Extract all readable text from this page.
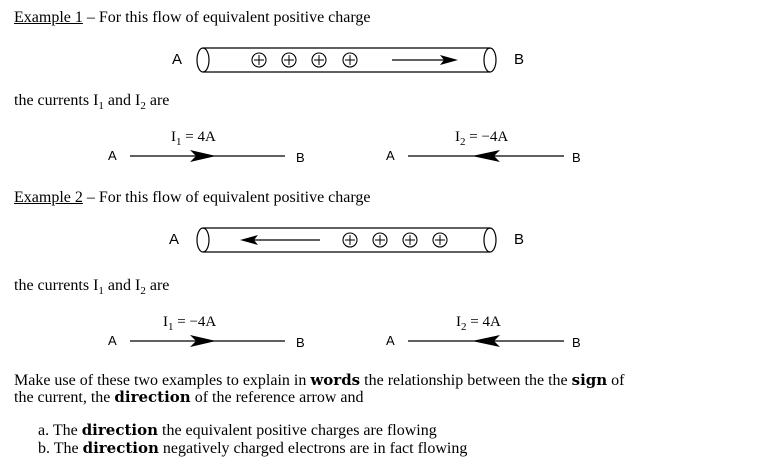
Example 1 – For this flow of equivalent positive charge
A	B
the currents $I_1$ and $I_2$ are
$I_1 = 4A$
A	B
$I_2 = -4A$
A	B
Example 2 – For this flow of equivalent positive charge
A	B
the currents $I_1$ and $I_2$ are
$I_1 = -4A$
A	B
$I_2 = 4A$
A	B
Make use of these two examples to explain in words the relationship between the the sign of
the current, the direction of the reference arrow and
a. The direction the equivalent positive charges are flowing
b. The direction negatively charged electrons are in fact flowing
